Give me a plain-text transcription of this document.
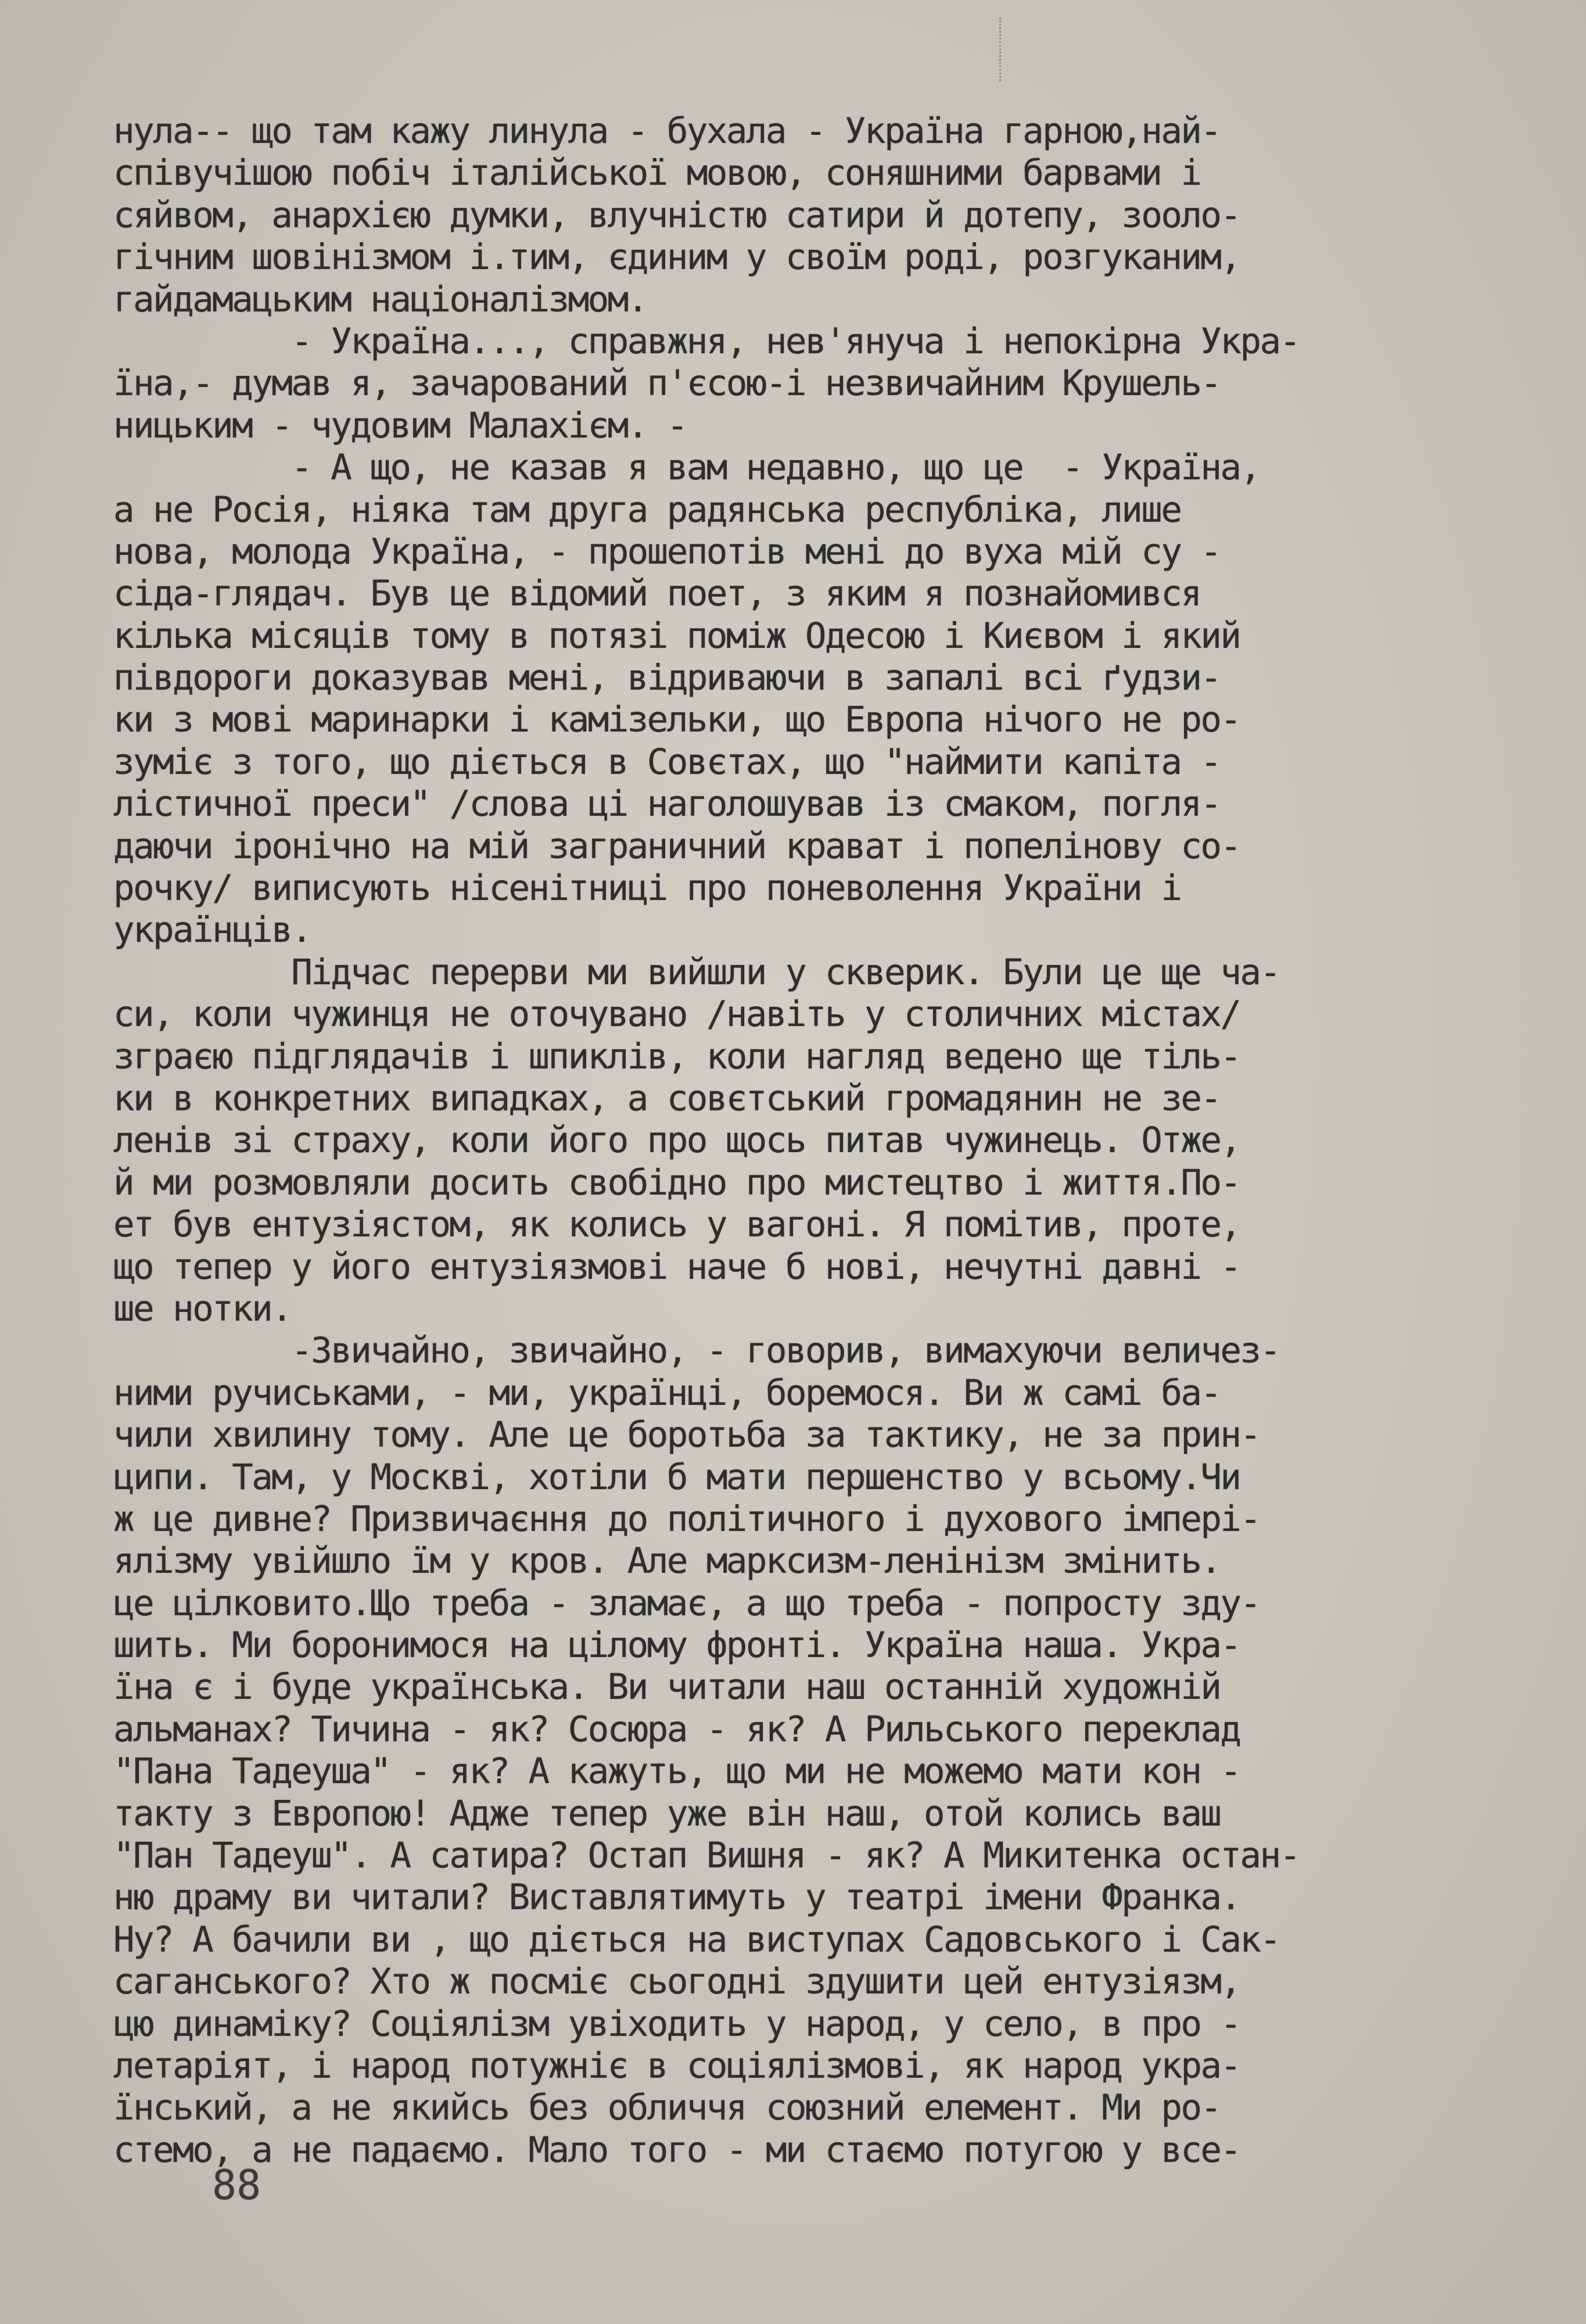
нула-- що там кажу линула - бухала - Україна гарною,най-
співучішою побіч італійської мовою, соняшними барвами і
сяйвом, анархією думки, влучністю сатири й дотепу, зооло-
гічним шовінізмом і.тим, єдиним у своїм роді, розгуканим,
гайдамацьким націоналізмом.
- Україна..., справжня, нев'януча і непокірна Укра-
їна,- думав я, зачарований п'єсою-і незвичайним Крушель-
ницьким - чудовим Малахієм. -
- А що, не казав я вам недавно, що це  - Україна,
а не Росія, ніяка там друга радянська республіка, лише
нова, молода Україна, - прошепотів мені до вуха мій су -
сіда-глядач. Був це відомий поет, з яким я познайомився
кілька місяців тому в потязі поміж Одесою і Києвом і який
півдороги доказував мені, відриваючи в запалі всі ґудзи-
ки з мові маринарки і камізельки, що Европа нічого не ро-
зуміє з того, що діється в Совєтах, що "наймити капіта -
лістичної преси" /слова ці наголошував із смаком, погля-
даючи іронічно на мій заграничний крават і попелінову со-
рочку/ виписують нісенітниці про поневолення України і
українців.
Підчас перерви ми вийшли у скверик. Були це ще ча-
си, коли чужинця не оточувано /навіть у столичних містах/
зграєю підглядачів і шпиклів, коли нагляд ведено ще тіль-
ки в конкретних випадках, а совєтський громадянин не зе-
ленів зі страху, коли його про щось питав чужинець. Отже,
й ми розмовляли досить свобідно про мистецтво і життя.По-
ет був ентузіястом, як колись у вагоні. Я помітив, проте,
що тепер у його ентузіязмові наче б нові, нечутні давні -
ше нотки.
-Звичайно, звичайно, - говорив, вимахуючи величез-
ними ручиськами, - ми, українці, боремося. Ви ж самі ба-
чили хвилину тому. Але це боротьба за тактику, не за прин-
ципи. Там, у Москві, хотіли б мати першенство у всьому.Чи
ж це дивне? Призвичаєння до політичного і духового імпері-
ялізму увійшло їм у кров. Але марксизм-ленінізм змінить.
це цілковито.Що треба - зламає, а що треба - попросту зду-
шить. Ми боронимося на цілому фронті. Україна наша. Укра-
їна є і буде українська. Ви читали наш останній художній
альманах? Тичина - як? Сосюра - як? А Рильського переклад
"Пана Тадеуша" - як? А кажуть, що ми не можемо мати кон -
такту з Европою! Адже тепер уже він наш, отой колись ваш
"Пан Тадеуш". А сатира? Остап Вишня - як? А Микитенка остан-
ню драму ви читали? Виставлятимуть у театрі імени Франка.
Ну? А бачили ви , що діється на виступах Садовського і Сак-
саганського? Хто ж посміє сьогодні здушити цей ентузіязм,
цю динаміку? Соціялізм увіходить у народ, у село, в про -
летаріят, і народ потужніє в соціялізмові, як народ укра-
їнський, а не якийсь без обличчя союзний елемент. Ми ро-
стемо, а не падаємо. Мало того - ми стаємо потугою у все-
88
